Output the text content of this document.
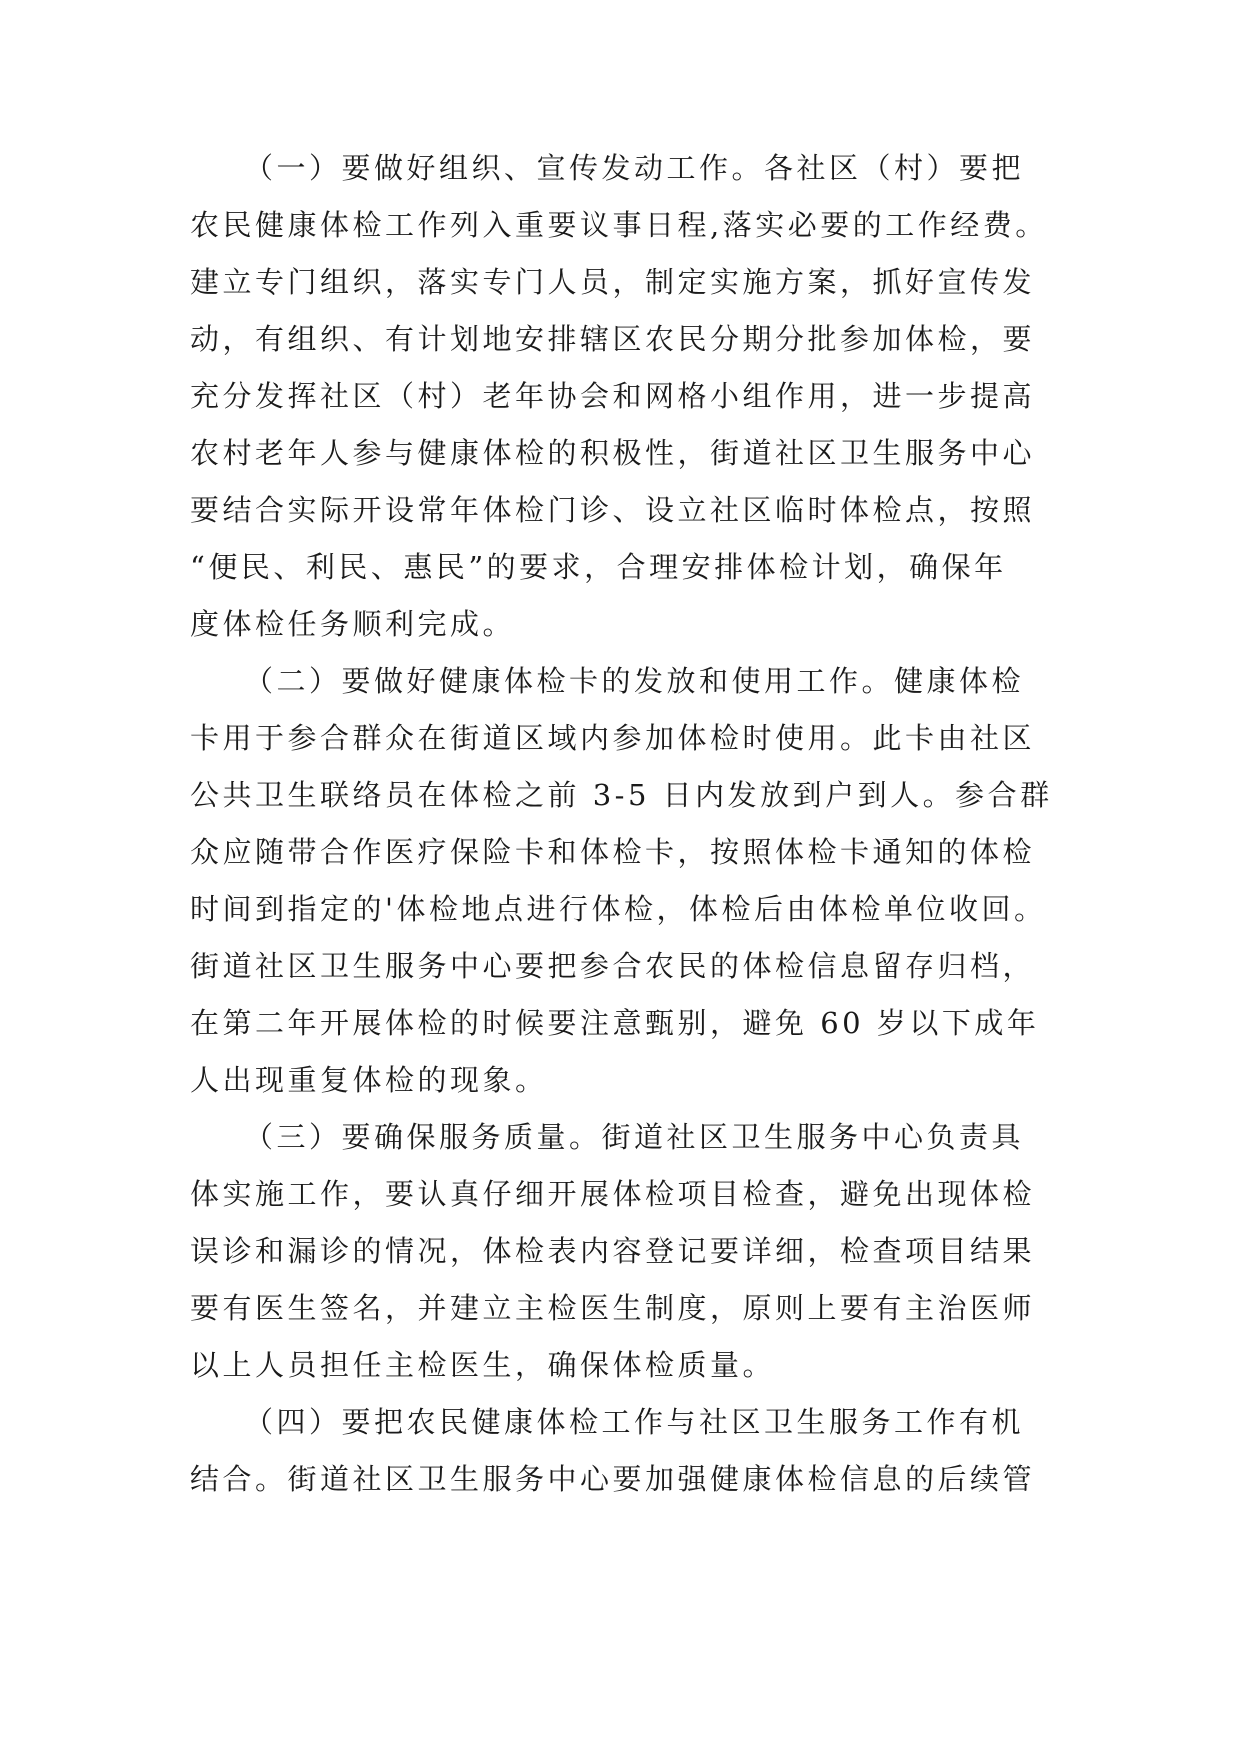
（一）要做好组织、宣传发动工作。各社区（村）要把
农民健康体检工作列入重要议事日程,落实必要的工作经费。
建立专门组织，落实专门人员，制定实施方案，抓好宣传发
动，有组织、有计划地安排辖区农民分期分批参加体检，要
充分发挥社区（村）老年协会和网格小组作用，进一步提高
农村老年人参与健康体检的积极性，街道社区卫生服务中心
要结合实际开设常年体检门诊、设立社区临时体检点，按照
“便民、利民、惠民”的要求，合理安排体检计划，确保年
度体检任务顺利完成。
（二）要做好健康体检卡的发放和使用工作。健康体检
卡用于参合群众在街道区域内参加体检时使用。此卡由社区
公共卫生联络员在体检之前 3-5 日内发放到户到人。参合群
众应随带合作医疗保险卡和体检卡，按照体检卡通知的体检
时间到指定的'体检地点进行体检，体检后由体检单位收回。
街道社区卫生服务中心要把参合农民的体检信息留存归档，
在第二年开展体检的时候要注意甄别，避免 60 岁以下成年
人出现重复体检的现象。
（三）要确保服务质量。街道社区卫生服务中心负责具
体实施工作，要认真仔细开展体检项目检查，避免出现体检
误诊和漏诊的情况，体检表内容登记要详细，检查项目结果
要有医生签名，并建立主检医生制度，原则上要有主治医师
以上人员担任主检医生，确保体检质量。
（四）要把农民健康体检工作与社区卫生服务工作有机
结合。街道社区卫生服务中心要加强健康体检信息的后续管
